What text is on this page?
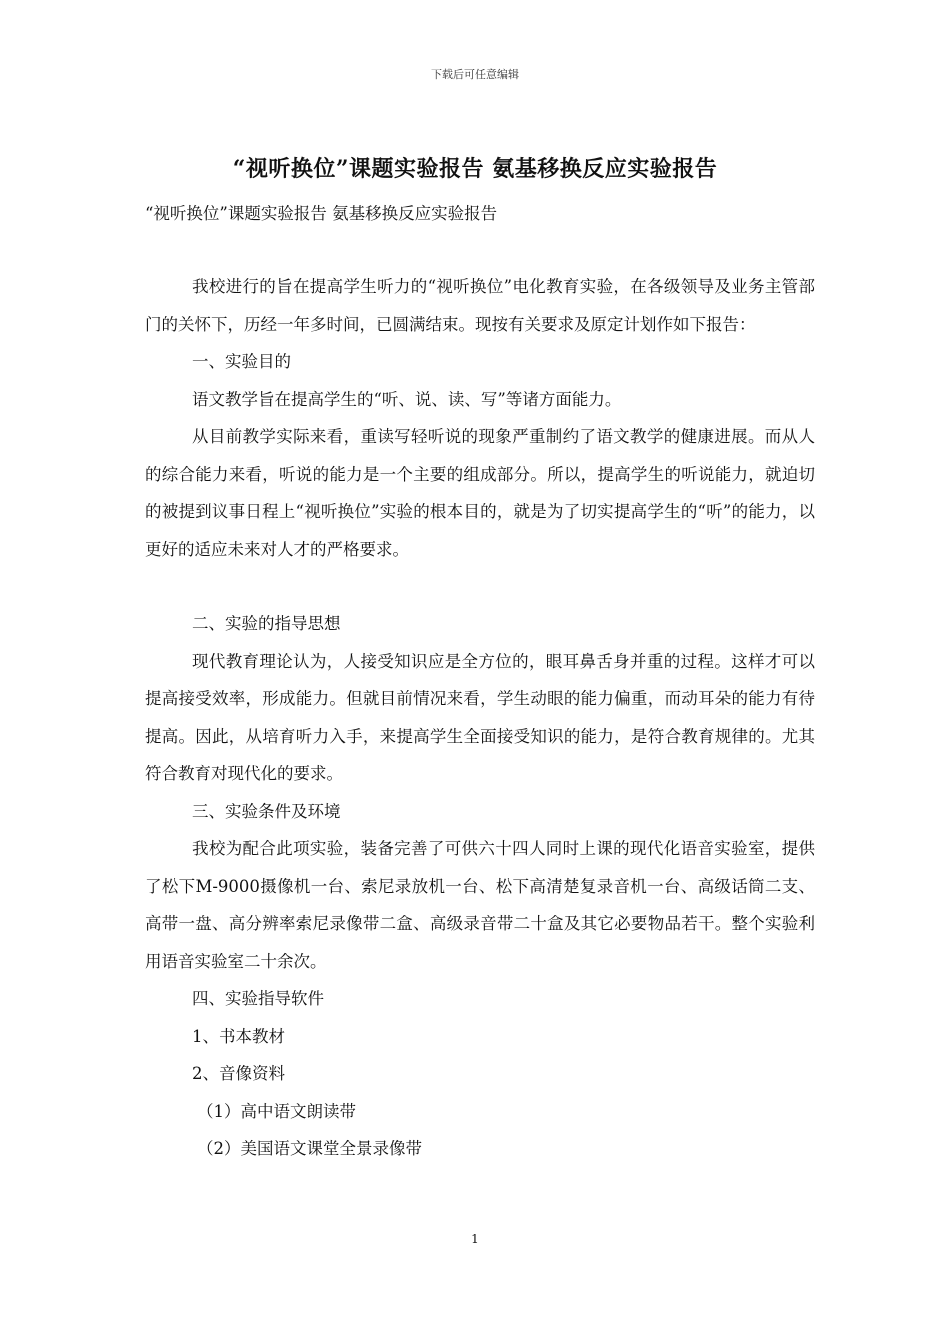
下载后可任意编辑
“视听换位”课题实验报告 氨基移换反应实验报告
“视听换位”课题实验报告 氨基移换反应实验报告

我校进行的旨在提高学生听力的“视听换位”电化教育实验，在各级领导及业务主管部门的关怀下，历经一年多时间，已圆满结束。现按有关要求及原定计划作如下报告：

一、实验目的

语文教学旨在提高学生的“听、说、读、写”等诸方面能力。

从目前教学实际来看，重读写轻听说的现象严重制约了语文教学的健康进展。而从人的综合能力来看，听说的能力是一个主要的组成部分。所以，提高学生的听说能力，就迫切的被提到议事日程上“视听换位”实验的根本目的，就是为了切实提高学生的“听”的能力，以更好的适应未来对人才的严格要求。

二、实验的指导思想

现代教育理论认为，人接受知识应是全方位的，眼耳鼻舌身并重的过程。这样才可以提高接受效率，形成能力。但就目前情况来看，学生动眼的能力偏重，而动耳朵的能力有待提高。因此，从培育听力入手，来提高学生全面接受知识的能力，是符合教育规律的。尤其符合教育对现代化的要求。

三、实验条件及环境

我校为配合此项实验，装备完善了可供六十四人同时上课的现代化语音实验室，提供了松下M-9000摄像机一台、索尼录放机一台、松下高清楚复录音机一台、高级话筒二支、高带一盘、高分辨率索尼录像带二盒、高级录音带二十盒及其它必要物品若干。整个实验利用语音实验室二十余次。

四、实验指导软件

1、书本教材

2、音像资料

（1）高中语文朗读带

（2）美国语文课堂全景录像带

1
